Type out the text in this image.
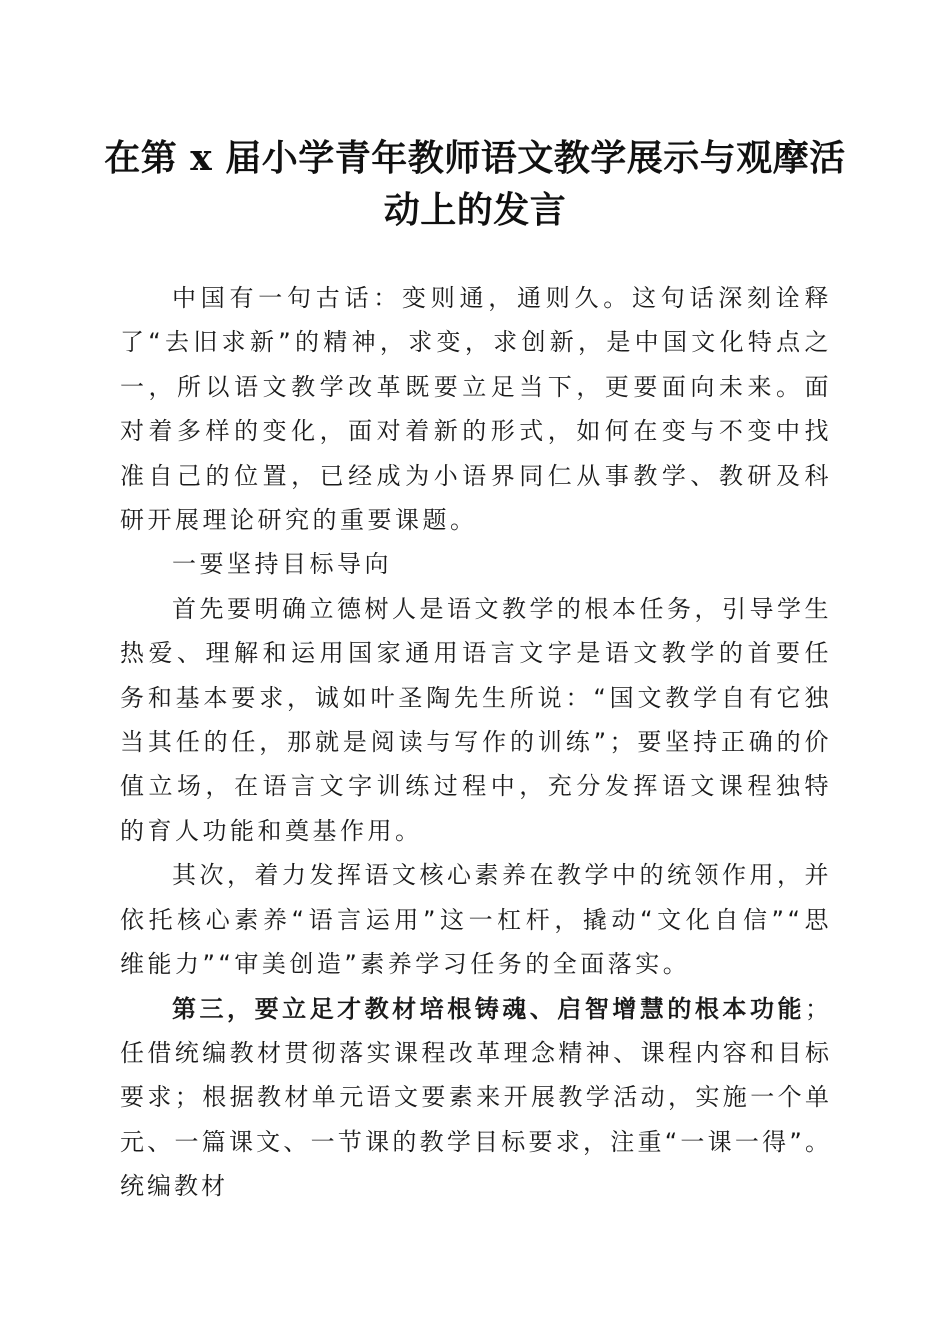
在第 x 届小学青年教师语文教学展示与观摩活
动上的发言

中国有一句古话：变则通，通则久。这句话深刻诠释了“去旧求新”的精神，求变，求创新，是中国文化特点之一，所以语文教学改革既要立足当下，更要面向未来。面对着多样的变化，面对着新的形式，如何在变与不变中找准自己的位置，已经成为小语界同仁从事教学、教研及科研开展理论研究的重要课题。

一要坚持目标导向

首先要明确立德树人是语文教学的根本任务，引导学生热爱、理解和运用国家通用语言文字是语文教学的首要任务和基本要求，诚如叶圣陶先生所说：“国文教学自有它独当其任的任，那就是阅读与写作的训练”；要坚持正确的价值立场，在语言文字训练过程中，充分发挥语文课程独特的育人功能和奠基作用。

其次，着力发挥语文核心素养在教学中的统领作用，并依托核心素养“语言运用”这一杠杆，撬动“文化自信”“思维能力”“审美创造”素养学习任务的全面落实。

第三，要立足才教材培根铸魂、启智增慧的根本功能；任借统编教材贯彻落实课程改革理念精神、课程内容和目标要求；根据教材单元语文要素来开展教学活动，实施一个单元、一篇课文、一节课的教学目标要求，注重“一课一得”。统编教材
